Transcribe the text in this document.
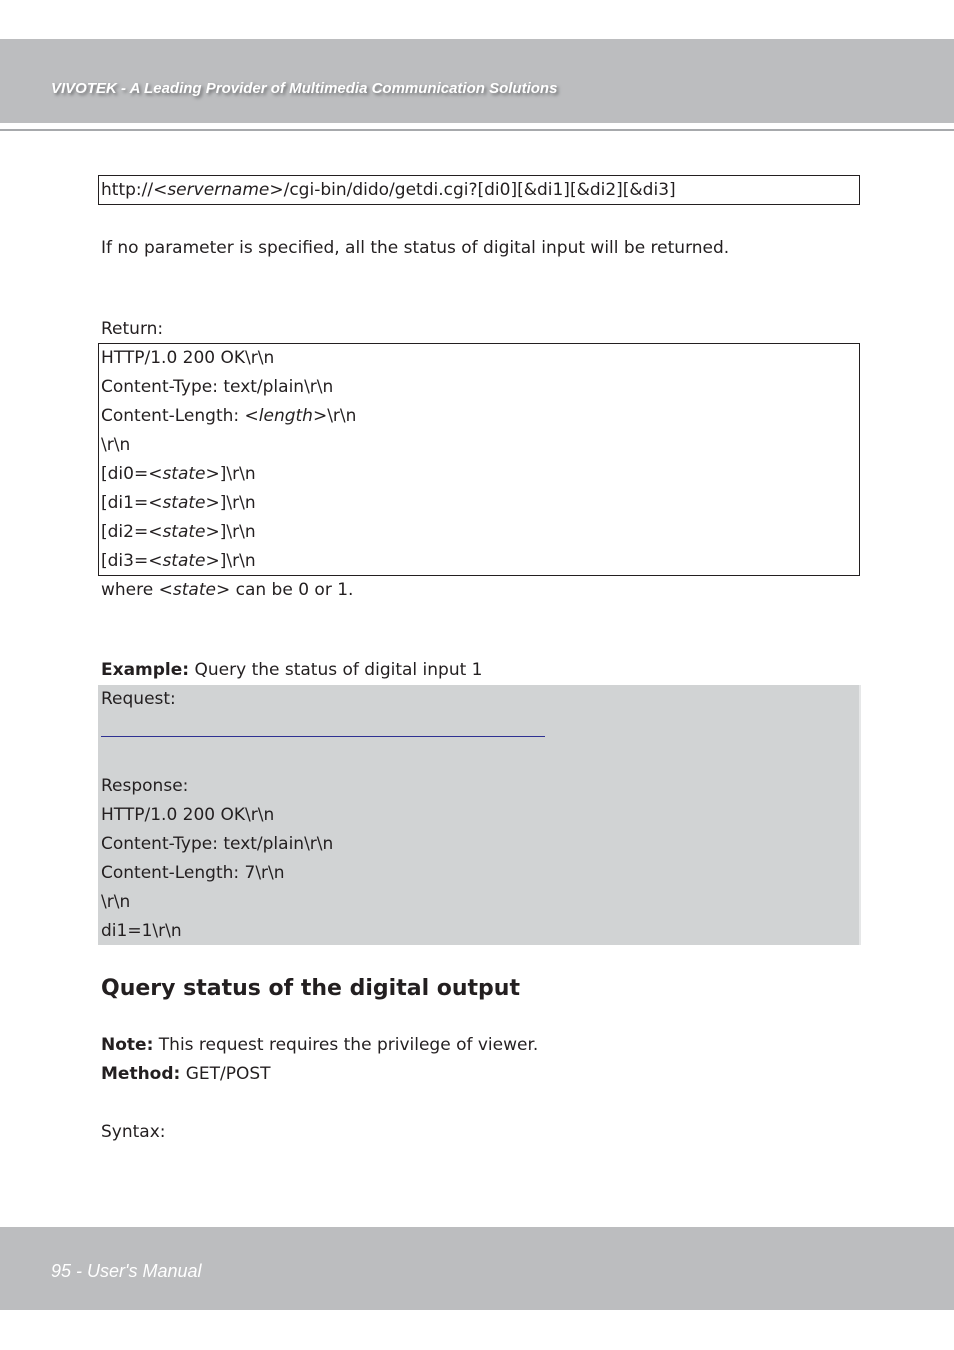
VIVOTEK - A Leading Provider of Multimedia Communication Solutions
http://<servername>/cgi-bin/dido/getdi.cgi?[di0][&di1][&di2][&di3]
If no parameter is specified, all the status of digital input will be returned.
Return:
HTTP/1.0 200 OK\r\n
Content-Type: text/plain\r\n
Content-Length: <length>\r\n
\r\n
[di0=<state>]\r\n
[di1=<state>]\r\n
[di2=<state>]\r\n
[di3=<state>]\r\n
where <state> can be 0 or 1.
Example: Query the status of digital input 1
Request:
Response:
HTTP/1.0 200 OK\r\n
Content-Type: text/plain\r\n
Content-Length: 7\r\n
\r\n
di1=1\r\n
Query status of the digital output
Note: This request requires the privilege of viewer.
Method: GET/POST
Syntax:
95 - User's Manual
